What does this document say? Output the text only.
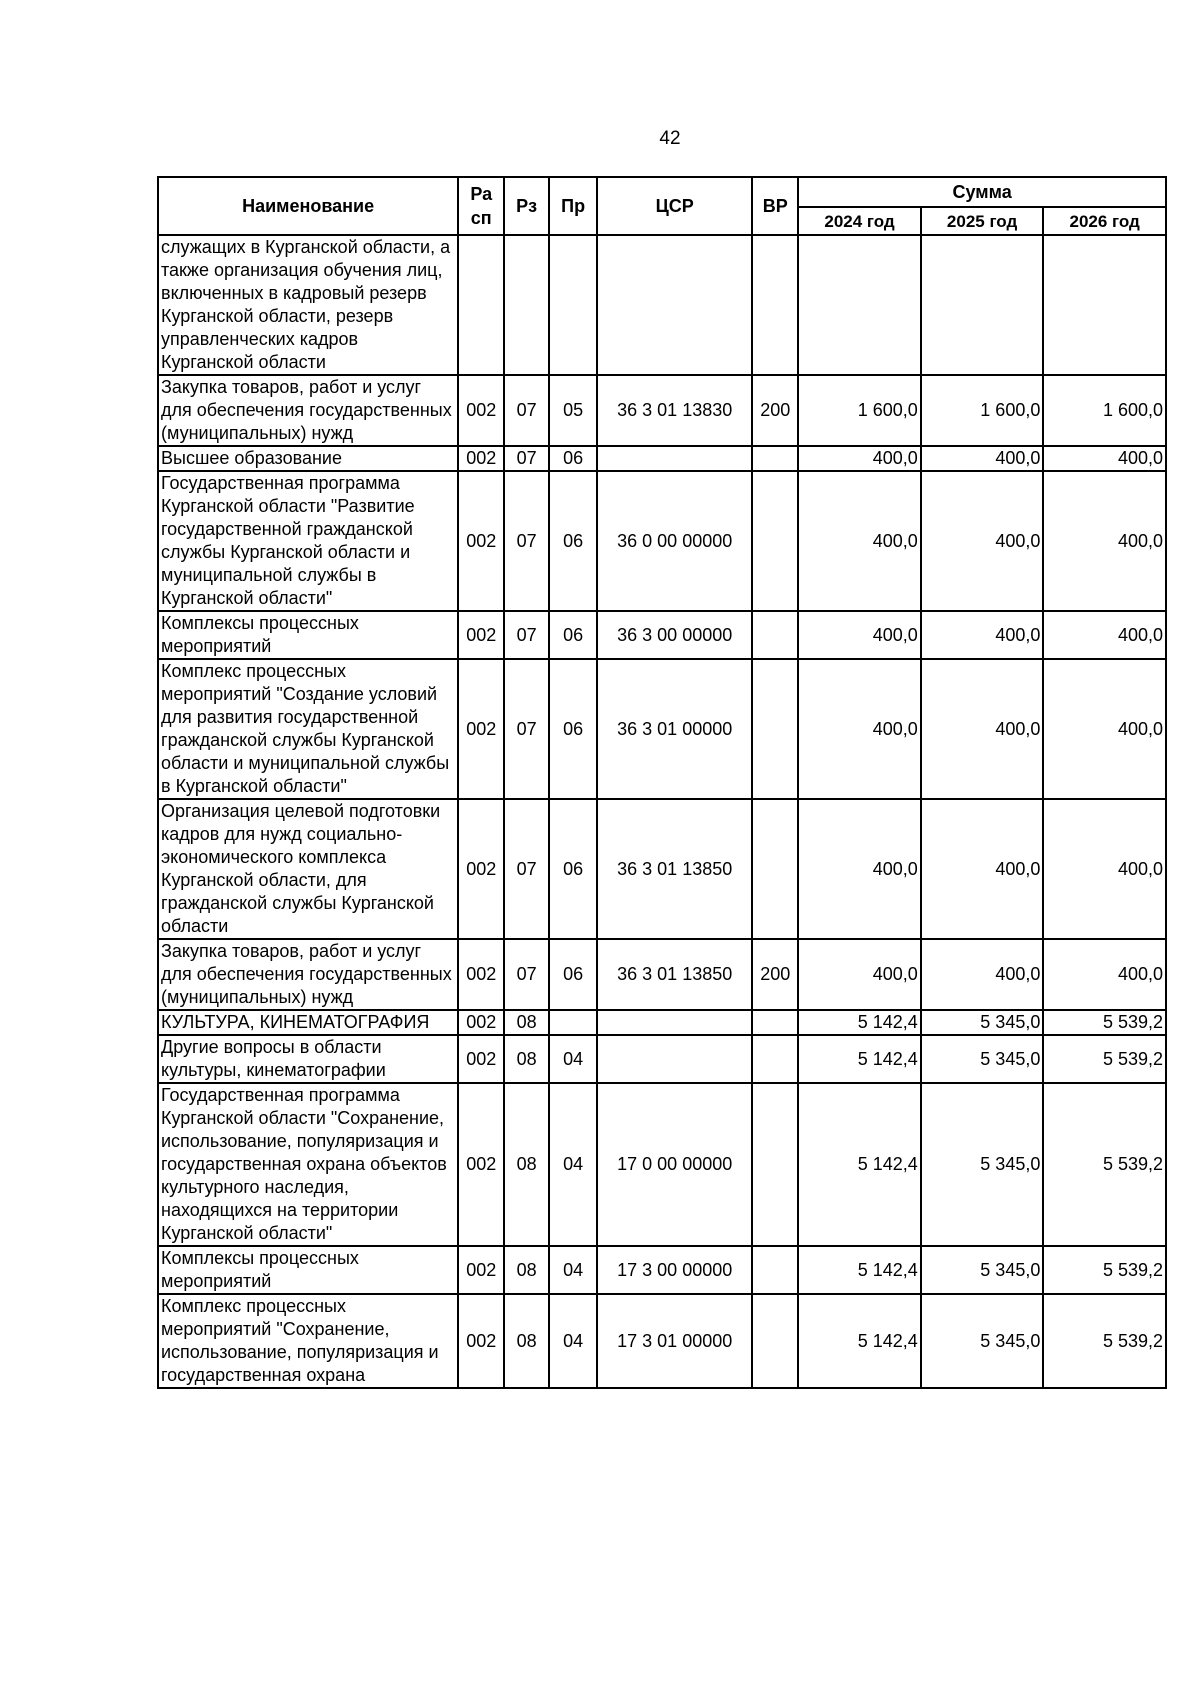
42
Наименование	Ра сп	Рз	Пр	ЦСР	ВР	Сумма		
						2024 год	2025 год	2026 год
служащих в Курганской области, а также организация обучения лиц, включенных в кадровый резерв Курганской области, резерв управленческих кадров Курганской области								
Закупка товаров, работ и услуг для обеспечения государственных (муниципальных) нужд	002	07	05	36 3 01 13830	200	1 600,0	1 600,0	1 600,0
Высшее образование	002	07	06			400,0	400,0	400,0
Государственная программа Курганской области "Развитие государственной гражданской службы Курганской области и муниципальной службы в Курганской области"	002	07	06	36 0 00 00000		400,0	400,0	400,0
Комплексы процессных мероприятий	002	07	06	36 3 00 00000		400,0	400,0	400,0
Комплекс процессных мероприятий "Создание условий для развития государственной гражданской службы Курганской области и муниципальной службы в Курганской области"	002	07	06	36 3 01 00000		400,0	400,0	400,0
Организация целевой подготовки кадров для нужд социально-экономического комплекса Курганской области, для гражданской службы Курганской области	002	07	06	36 3 01 13850		400,0	400,0	400,0
Закупка товаров, работ и услуг для обеспечения государственных (муниципальных) нужд	002	07	06	36 3 01 13850	200	400,0	400,0	400,0
КУЛЬТУРА, КИНЕМАТОГРАФИЯ	002	08				5 142,4	5 345,0	5 539,2
Другие вопросы в области культуры, кинематографии	002	08	04			5 142,4	5 345,0	5 539,2
Государственная программа Курганской области "Сохранение, использование, популяризация и государственная охрана объектов культурного наследия, находящихся на территории Курганской области"	002	08	04	17 0 00 00000		5 142,4	5 345,0	5 539,2
Комплексы процессных мероприятий	002	08	04	17 3 00 00000		5 142,4	5 345,0	5 539,2
Комплекс процессных мероприятий "Сохранение, использование, популяризация и государственная охрана	002	08	04	17 3 01 00000		5 142,4	5 345,0	5 539,2
